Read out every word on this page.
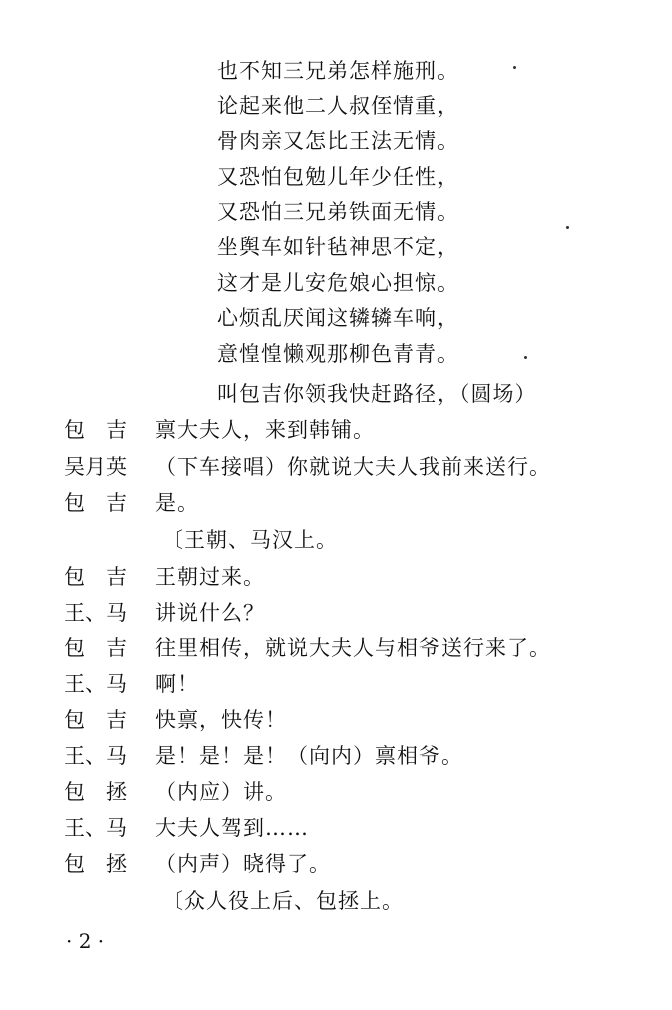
也不知三兄弟怎样施刑。
论起来他二人叔侄情重，
骨肉亲又怎比王法无情。
又恐怕包勉儿年少任性，
又恐怕三兄弟铁面无情。
坐舆车如针毡神思不定，
这才是儿安危娘心担惊。
心烦乱厌闻这辚辚车响，
意惶惶懒观那柳色青青。
叫包吉你领我快赶路径，（圆场）
包　吉	禀大夫人，来到韩铺。
吴月英	（下车接唱）你就说大夫人我前来送行。
包　吉	是。
〔王朝、马汉上。
包　吉	王朝过来。
王、马	讲说什么？
包　吉	往里相传，就说大夫人与相爷送行来了。
王、马	啊！
包　吉	快禀，快传！
王、马	是！是！是！（向内）禀相爷。
包　拯	（内应）讲。
王、马	大夫人驾到……
包　拯	（内声）晓得了。
〔众人役上后、包拯上。
· 2 ·
